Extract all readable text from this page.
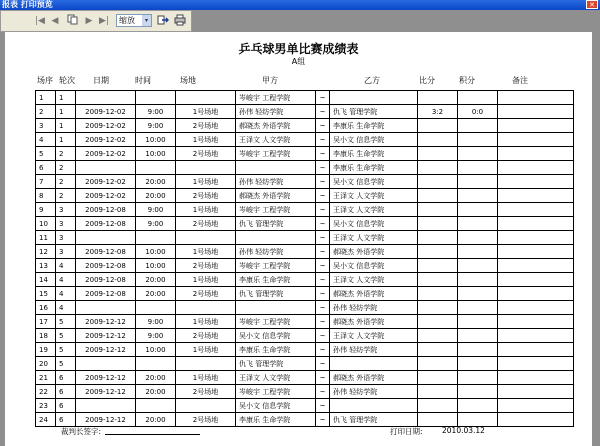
报表 打印预览	✕
|◀ ◀	▶ ▶|	缩放	▾
乒乓球男单比赛成绩表
A组
场序 轮次 日期	时间	场地	甲方	乙方	比分	积分	备注
1	1				岑峻宇 工程学院	~				
2	1	2009-12-02	9:00	1号场地	孙伟 轻纺学院	~	仇飞 管理学院	3:2	0:0	
3	1	2009-12-02	9:00	2号场地	郝晓杰 外语学院	~	李康乐 生命学院			
4	1	2009-12-02	10:00	1号场地	王泽文 人文学院	~	吴小文 信息学院			
5	2	2009-12-02	10:00	2号场地	岑峻宇 工程学院	~	李康乐 生命学院			
6	2					~	李康乐 生命学院			
7	2	2009-12-02	20:00	1号场地	孙伟 轻纺学院	~	吴小文 信息学院			
8	2	2009-12-02	20:00	2号场地	郝晓杰 外语学院	~	王泽文 人文学院			
9	3	2009-12-08	9:00	1号场地	岑峻宇 工程学院	~	王泽文 人文学院			
10	3	2009-12-08	9:00	2号场地	仇飞 管理学院	~	吴小文 信息学院			
11	3					~	王泽文 人文学院			
12	3	2009-12-08	10:00	1号场地	孙伟 轻纺学院	~	郝晓杰 外语学院			
13	4	2009-12-08	10:00	2号场地	岑峻宇 工程学院	~	吴小文 信息学院			
14	4	2009-12-08	20:00	1号场地	李康乐 生命学院	~	王泽文 人文学院			
15	4	2009-12-08	20:00	2号场地	仇飞 管理学院	~	郝晓杰 外语学院			
16	4					~	孙伟 轻纺学院			
17	5	2009-12-12	9:00	1号场地	岑峻宇 工程学院	~	郝晓杰 外语学院			
18	5	2009-12-12	9:00	2号场地	吴小文 信息学院	~	王泽文 人文学院			
19	5	2009-12-12	10:00	1号场地	李康乐 生命学院	~	孙伟 轻纺学院			
20	5				仇飞 管理学院	~				
21	6	2009-12-12	20:00	1号场地	王泽文 人文学院	~	郝晓杰 外语学院			
22	6	2009-12-12	20:00	2号场地	岑峻宇 工程学院	~	孙伟 轻纺学院			
23	6				吴小文 信息学院	~				
24	6	2009-12-12	20:00	2号场地	李康乐 生命学院	~	仇飞 管理学院			
裁判长签字:	打印日期:	2010.03.12
